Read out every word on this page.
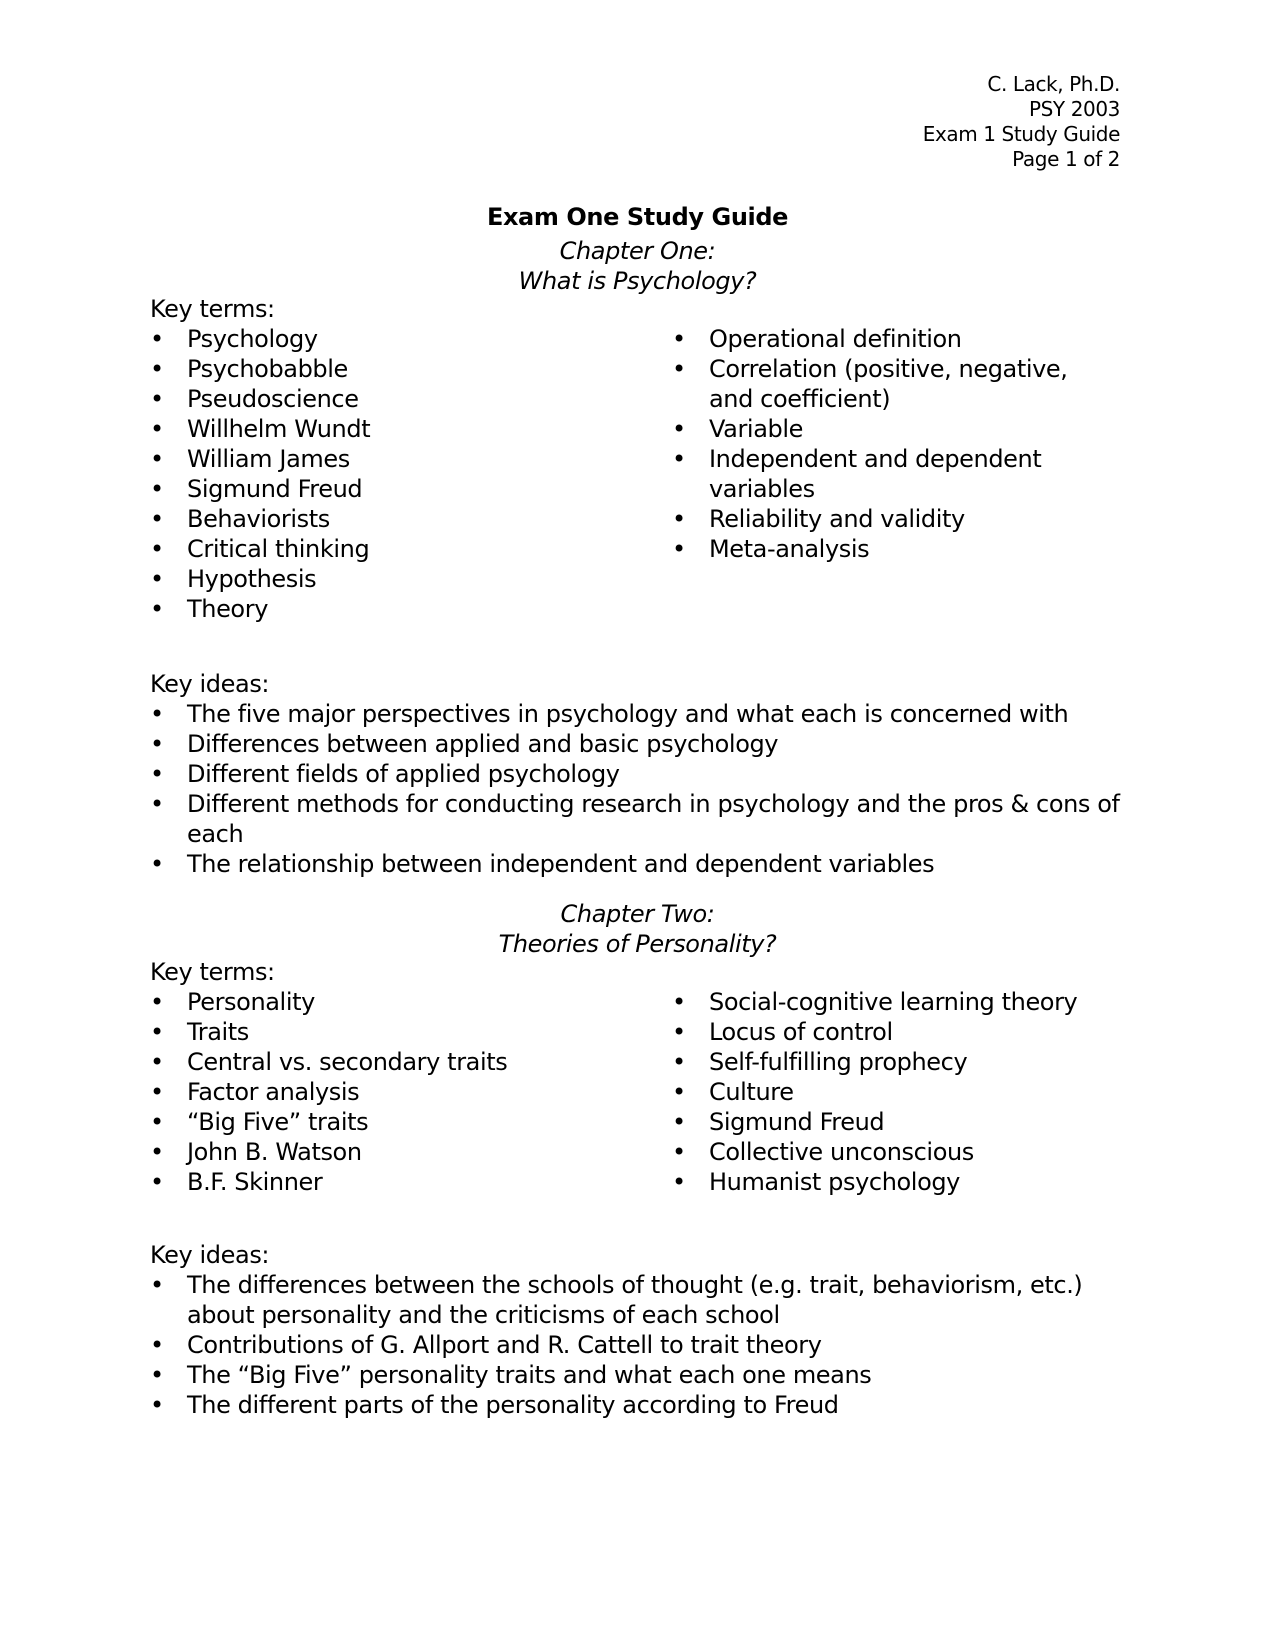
C. Lack, Ph.D.
PSY 2003
Exam 1 Study Guide
Page 1 of 2
Exam One Study Guide
Chapter One:
What is Psychology?
Key terms:
• Psychology
• Psychobabble
• Pseudoscience
• Willhelm Wundt
• William James
• Sigmund Freud
• Behaviorists
• Critical thinking
• Hypothesis
• Theory
• Operational definition
• Correlation (positive, negative, and coefficient)
• Variable
• Independent and dependent variables
• Reliability and validity
• Meta-analysis
Key ideas:
• The five major perspectives in psychology and what each is concerned with
• Differences between applied and basic psychology
• Different fields of applied psychology
• Different methods for conducting research in psychology and the pros & cons of each
• The relationship between independent and dependent variables
Chapter Two:
Theories of Personality?
Key terms:
• Personality
• Traits
• Central vs. secondary traits
• Factor analysis
• “Big Five” traits
• John B. Watson
• B.F. Skinner
• Social-cognitive learning theory
• Locus of control
• Self-fulfilling prophecy
• Culture
• Sigmund Freud
• Collective unconscious
• Humanist psychology
Key ideas:
• The differences between the schools of thought (e.g. trait, behaviorism, etc.) about personality and the criticisms of each school
• Contributions of G. Allport and R. Cattell to trait theory
• The “Big Five” personality traits and what each one means
• The different parts of the personality according to Freud
